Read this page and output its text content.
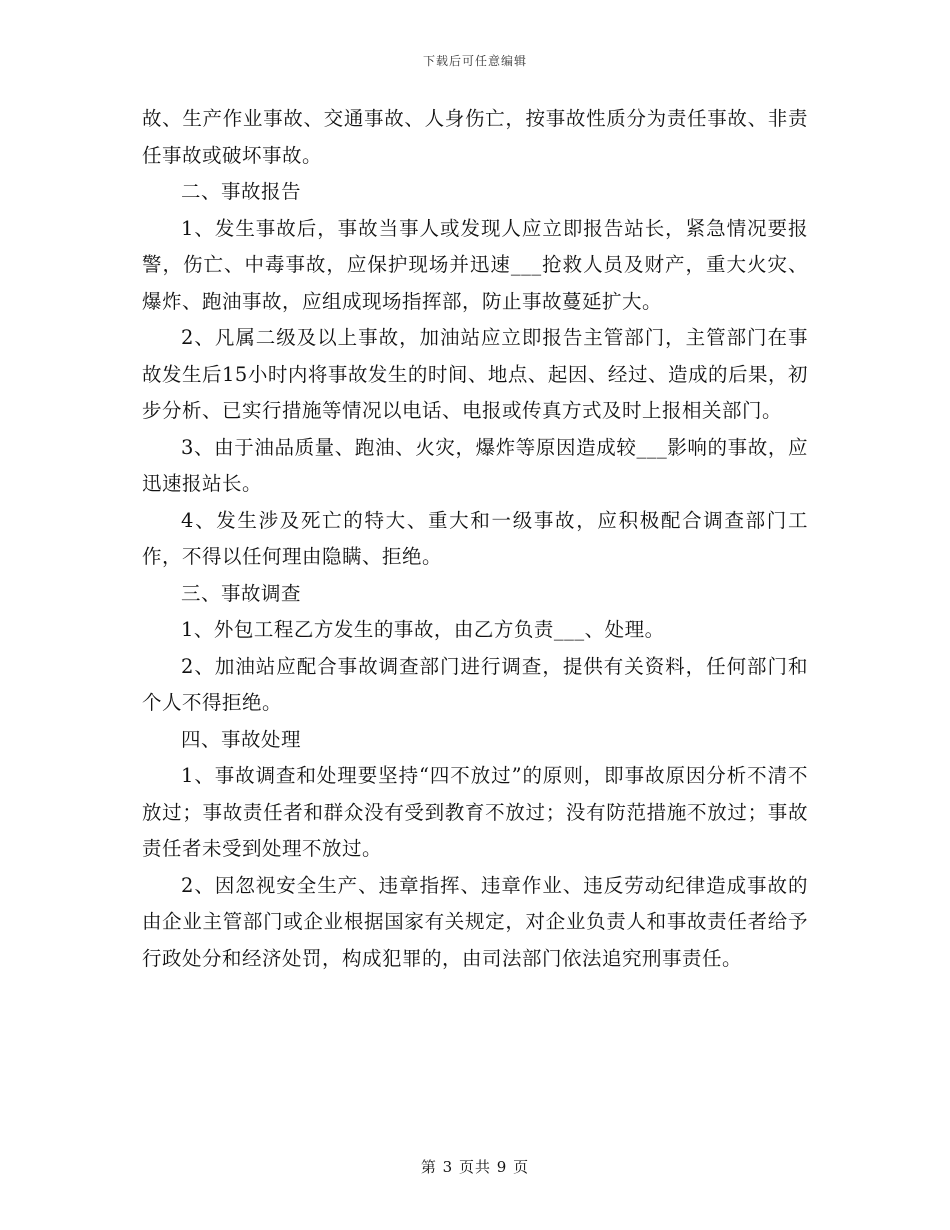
下载后可任意编辑

故、生产作业事故、交通事故、人身伤亡，按事故性质分为责任事故、非责任事故或破坏事故。

二、事故报告

1、发生事故后，事故当事人或发现人应立即报告站长，紧急情况要报警，伤亡、中毒事故，应保护现场并迅速___抢救人员及财产，重大火灾、爆炸、跑油事故，应组成现场指挥部，防止事故蔓延扩大。

2、凡属二级及以上事故，加油站应立即报告主管部门，主管部门在事故发生后15小时内将事故发生的时间、地点、起因、经过、造成的后果，初步分析、已实行措施等情况以电话、电报或传真方式及时上报相关部门。

3、由于油品质量、跑油、火灾，爆炸等原因造成较___影响的事故，应迅速报站长。

4、发生涉及死亡的特大、重大和一级事故，应积极配合调查部门工作，不得以任何理由隐瞒、拒绝。

三、事故调查

1、外包工程乙方发生的事故，由乙方负责___、处理。

2、加油站应配合事故调查部门进行调查，提供有关资料，任何部门和个人不得拒绝。

四、事故处理

1、事故调查和处理要坚持“四不放过”的原则，即事故原因分析不清不放过；事故责任者和群众没有受到教育不放过；没有防范措施不放过；事故责任者未受到处理不放过。

2、因忽视安全生产、违章指挥、违章作业、违反劳动纪律造成事故的由企业主管部门或企业根据国家有关规定，对企业负责人和事故责任者给予行政处分和经济处罚，构成犯罪的，由司法部门依法追究刑事责任。

第 3 页共 9 页
